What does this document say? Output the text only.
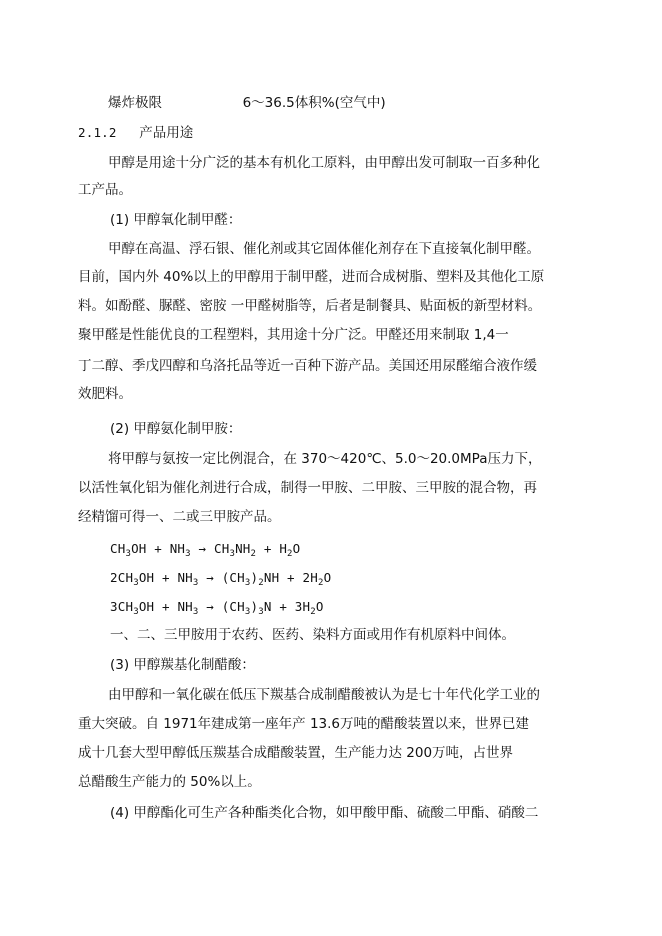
爆炸极限	6～36.5体积%(空气中)
2.1.2 产品用途
甲醇是用途十分广泛的基本有机化工原料，由甲醇出发可制取一百多种化
工产品。
(1) 甲醇氧化制甲醛：
甲醇在高温、浮石银、催化剂或其它固体催化剂存在下直接氧化制甲醛。
目前，国内外 40%以上的甲醇用于制甲醛，进而合成树脂、塑料及其他化工原
料。如酚醛、脲醛、密胺 一甲醛树脂等，后者是制餐具、贴面板的新型材料。
聚甲醛是性能优良的工程塑料，其用途十分广泛。甲醛还用来制取 1,4一
丁二醇、季戊四醇和乌洛托品等近一百种下游产品。美国还用尿醛缩合液作缓
效肥料。
(2) 甲醇氨化制甲胺：
将甲醇与氨按一定比例混合，在 370～420℃、5.0～20.0MPa压力下，
以活性氧化铝为催化剂进行合成，制得一甲胺、二甲胺、三甲胺的混合物，再
经精馏可得一、二或三甲胺产品。
$CH_3OH + NH_3 \to CH_3NH_2 + H_2O$
$2CH_3OH + NH_3 \to (CH_3)_2NH + 2H_2O$
$3CH_3OH + NH_3 \to (CH_3)_3N + 3H_2O$
一、二、三甲胺用于农药、医药、染料方面或用作有机原料中间体。
(3) 甲醇羰基化制醋酸：
由甲醇和一氧化碳在低压下羰基合成制醋酸被认为是七十年代化学工业的
重大突破。自 1971年建成第一座年产 13.6万吨的醋酸装置以来，世界已建
成十几套大型甲醇低压羰基合成醋酸装置，生产能力达 200万吨，占世界
总醋酸生产能力的 50%以上。
(4) 甲醇酯化可生产各种酯类化合物，如甲酸甲酯、硫酸二甲酯、硝酸二
